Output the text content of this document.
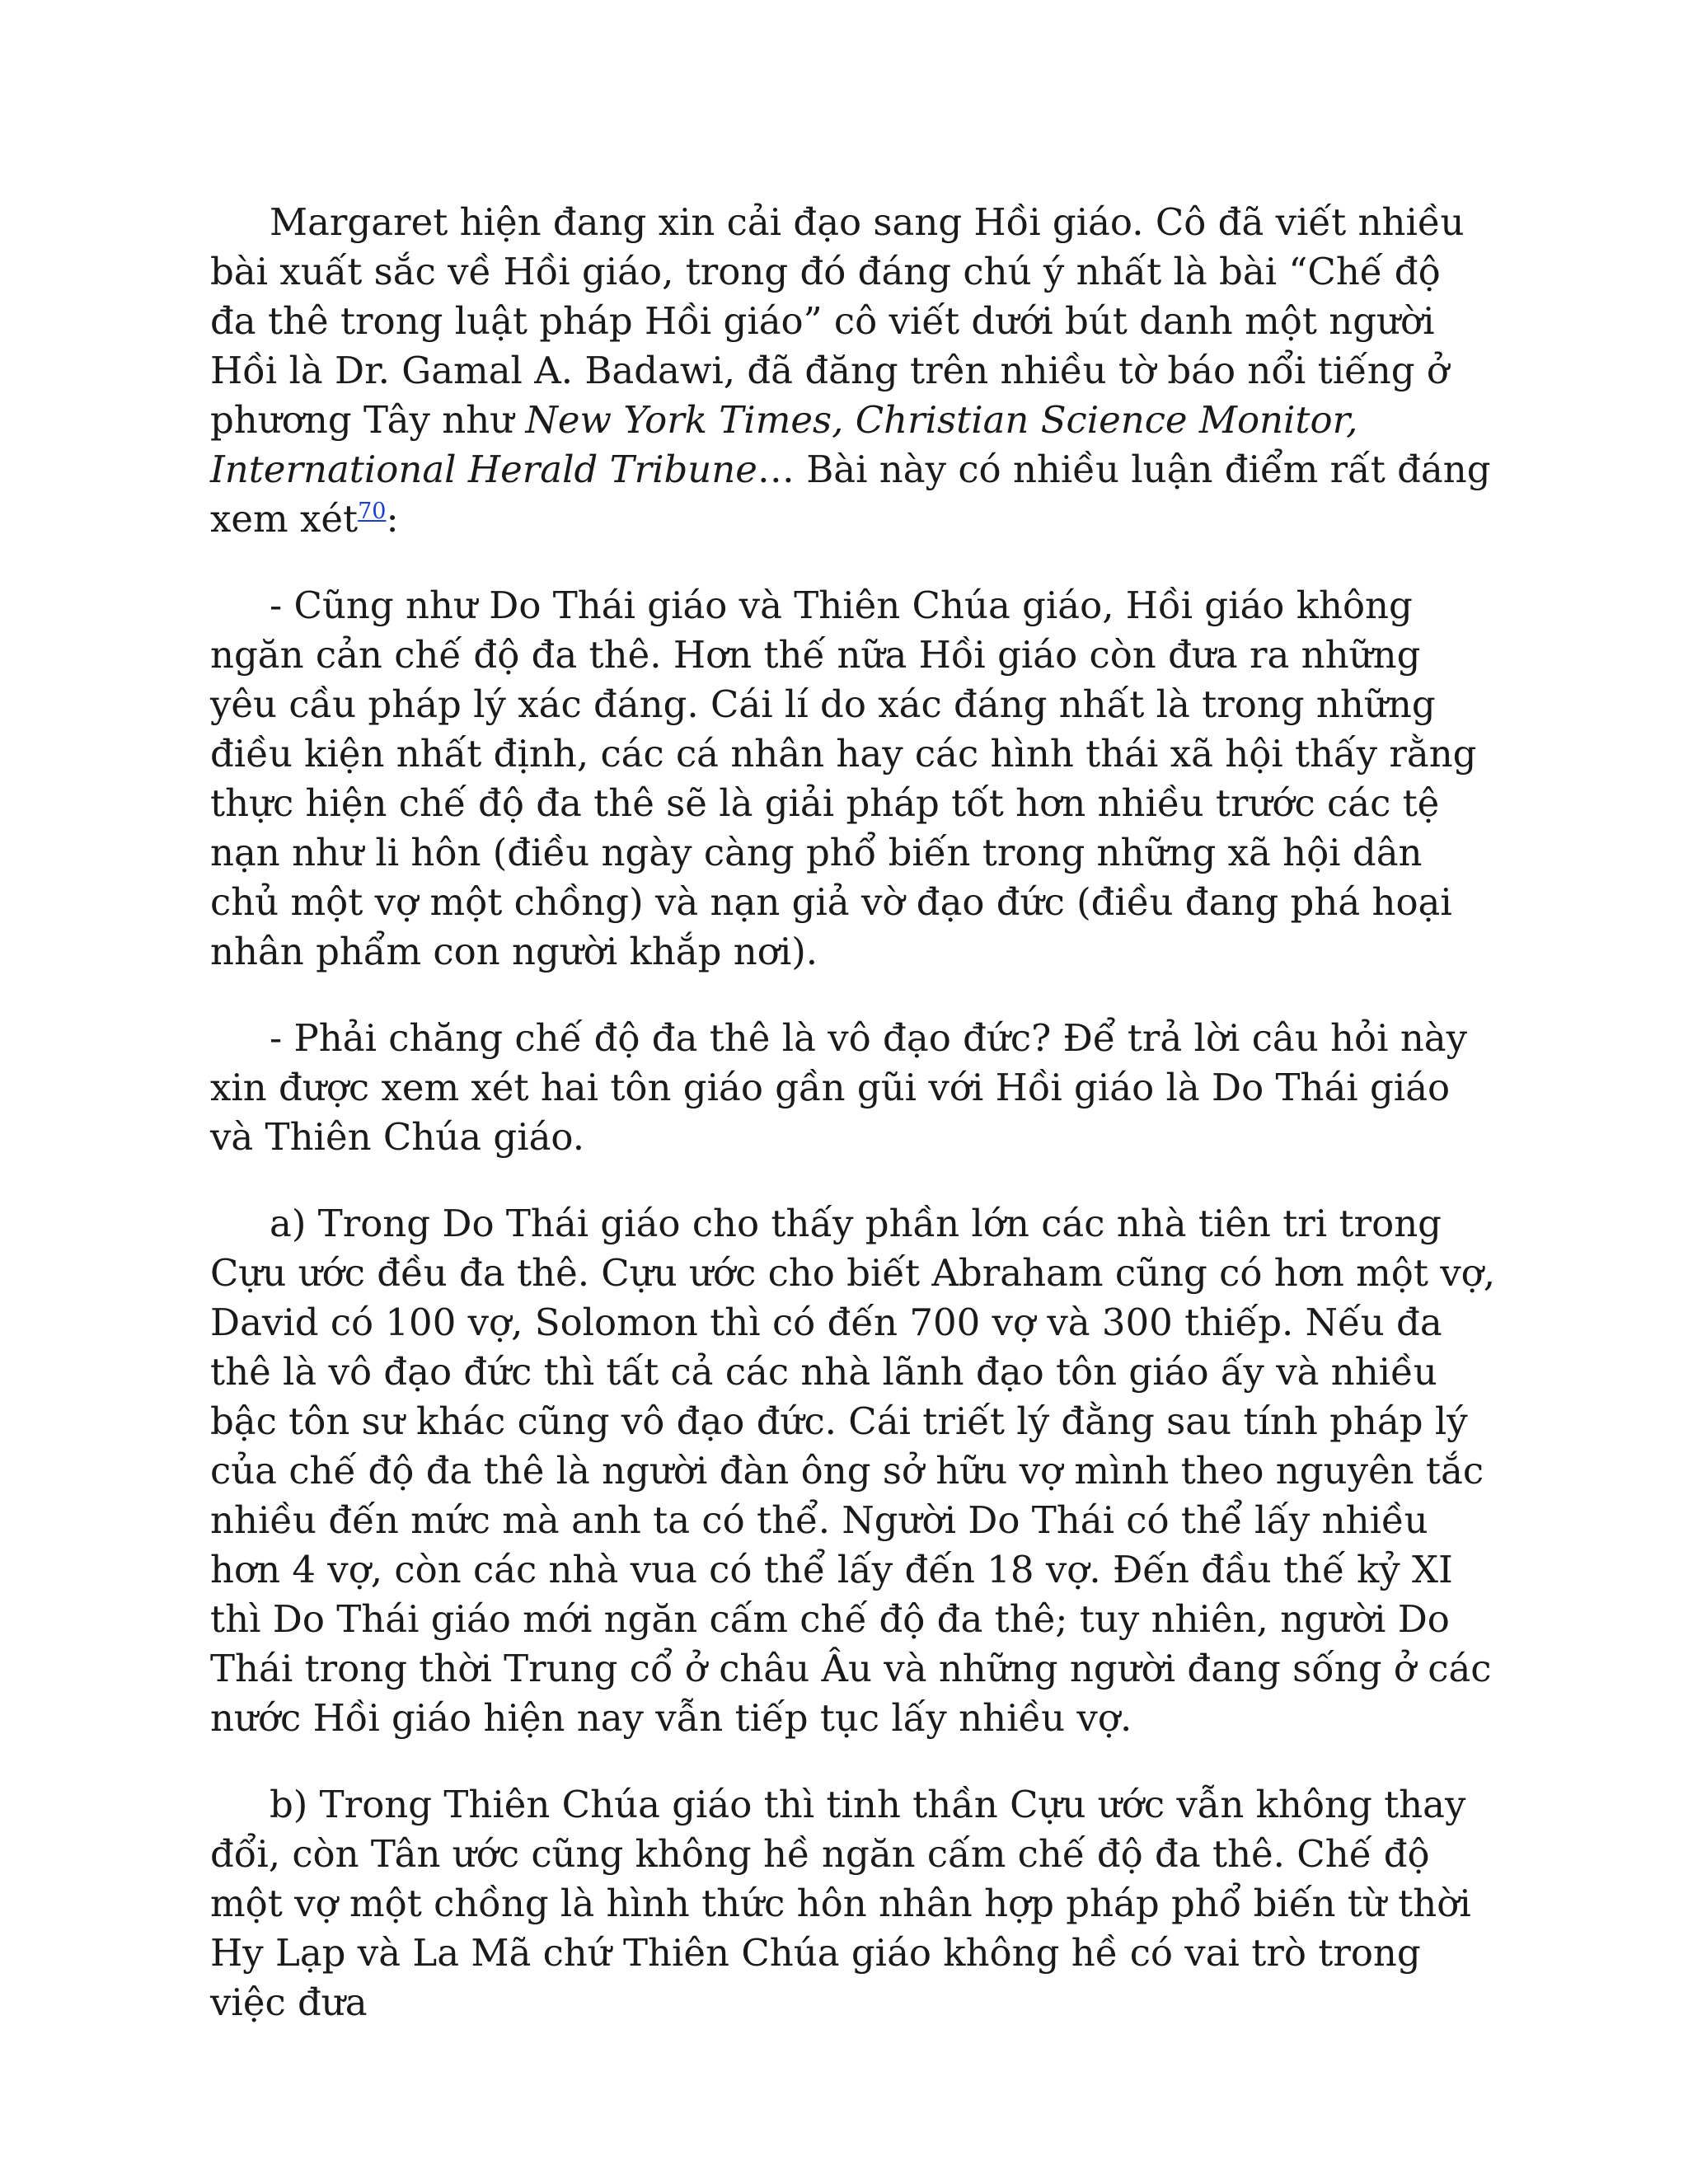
Margaret hiện đang xin cải đạo sang Hồi giáo. Cô đã viết nhiều bài xuất sắc về Hồi giáo, trong đó đáng chú ý nhất là bài “Chế độ đa thê trong luật pháp Hồi giáo” cô viết dưới bút danh một người Hồi là Dr. Gamal A. Badawi, đã đăng trên nhiều tờ báo nổi tiếng ở phương Tây như New York Times, Christian Science Monitor, International Herald Tribune… Bài này có nhiều luận điểm rất đáng xem xét$^{70}$:

- Cũng như Do Thái giáo và Thiên Chúa giáo, Hồi giáo không ngăn cản chế độ đa thê. Hơn thế nữa Hồi giáo còn đưa ra những yêu cầu pháp lý xác đáng. Cái lí do xác đáng nhất là trong những điều kiện nhất định, các cá nhân hay các hình thái xã hội thấy rằng thực hiện chế độ đa thê sẽ là giải pháp tốt hơn nhiều trước các tệ nạn như li hôn (điều ngày càng phổ biến trong những xã hội dân chủ một vợ một chồng) và nạn giả vờ đạo đức (điều đang phá hoại nhân phẩm con người khắp nơi).

- Phải chăng chế độ đa thê là vô đạo đức? Để trả lời câu hỏi này xin được xem xét hai tôn giáo gần gũi với Hồi giáo là Do Thái giáo và Thiên Chúa giáo.

a) Trong Do Thái giáo cho thấy phần lớn các nhà tiên tri trong Cựu ước đều đa thê. Cựu ước cho biết Abraham cũng có hơn một vợ, David có 100 vợ, Solomon thì có đến 700 vợ và 300 thiếp. Nếu đa thê là vô đạo đức thì tất cả các nhà lãnh đạo tôn giáo ấy và nhiều bậc tôn sư khác cũng vô đạo đức. Cái triết lý đằng sau tính pháp lý của chế độ đa thê là người đàn ông sở hữu vợ mình theo nguyên tắc nhiều đến mức mà anh ta có thể. Người Do Thái có thể lấy nhiều hơn 4 vợ, còn các nhà vua có thể lấy đến 18 vợ. Đến đầu thế kỷ XI thì Do Thái giáo mới ngăn cấm chế độ đa thê; tuy nhiên, người Do Thái trong thời Trung cổ ở châu Âu và những người đang sống ở các nước Hồi giáo hiện nay vẫn tiếp tục lấy nhiều vợ.

b) Trong Thiên Chúa giáo thì tinh thần Cựu ước vẫn không thay đổi, còn Tân ước cũng không hề ngăn cấm chế độ đa thê. Chế độ một vợ một chồng là hình thức hôn nhân hợp pháp phổ biến từ thời Hy Lạp và La Mã chứ Thiên Chúa giáo không hề có vai trò trong việc đưa
